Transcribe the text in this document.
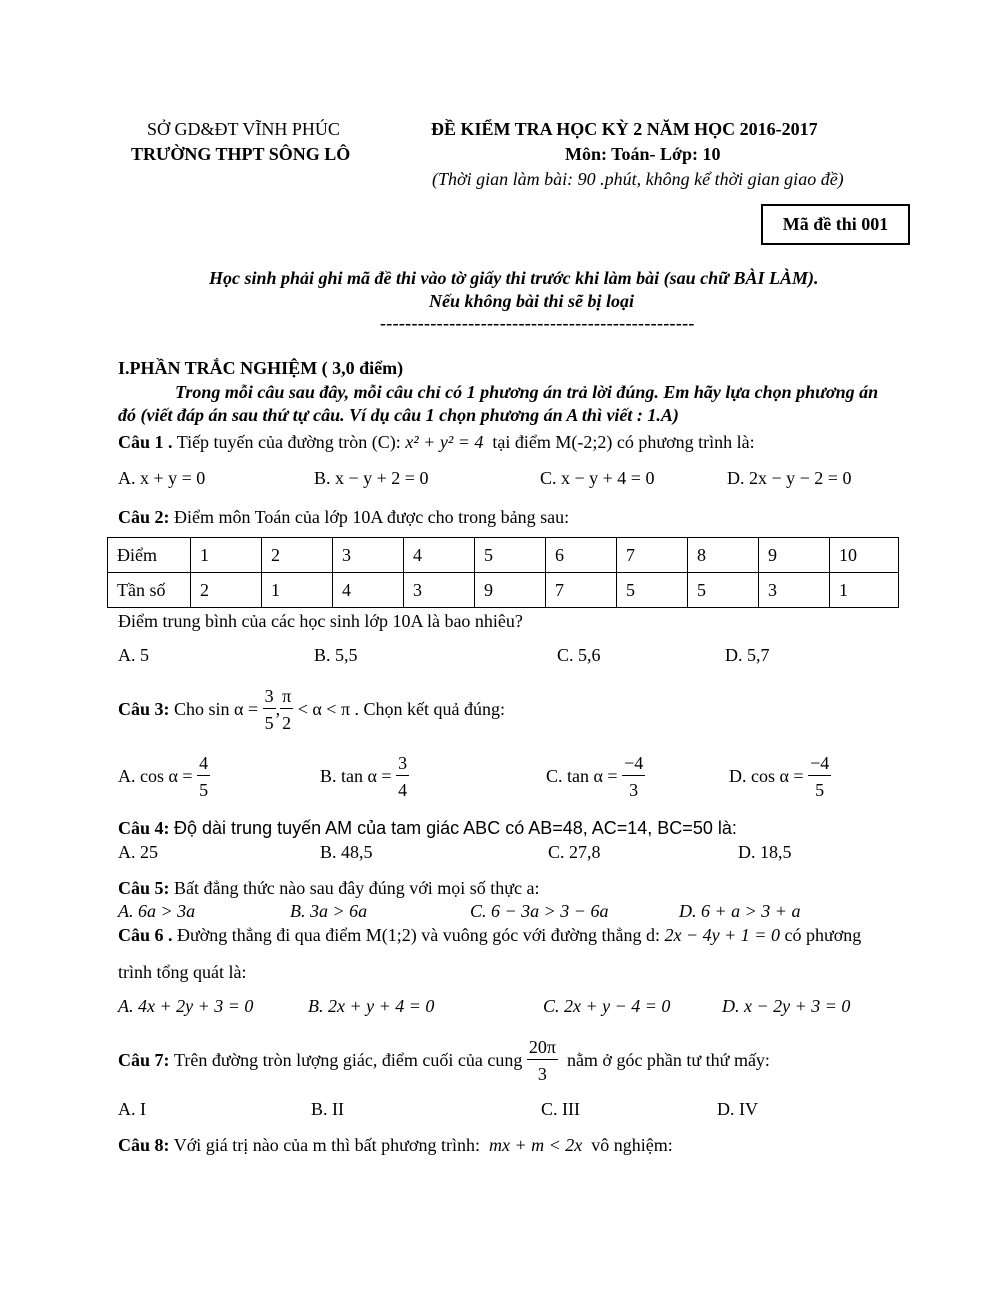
SỞ GD&ĐT VĨNH PHÚC
TRƯỜNG THPT SÔNG LÔ
ĐỀ KIỂM TRA HỌC KỲ 2 NĂM HỌC 2016-2017
Môn: Toán- Lớp: 10
(Thời gian làm bài: 90 .phút, không kể thời gian giao đề)
Mã đề thi 001
Học sinh phải ghi mã đề thi vào tờ giấy thi trước khi làm bài (sau chữ BÀI LÀM).
Nếu không bài thi sẽ bị loại
--------------------------------------------------
I.PHẦN TRẮC NGHIỆM ( 3,0 điểm)
Trong mỗi câu sau đây, mỗi câu chỉ có 1 phương án trả lời đúng. Em hãy lựa chọn phương án
đó (viết đáp án sau thứ tự câu. Ví dụ câu 1 chọn phương án A thì viết : 1.A)
Câu 1 . Tiếp tuyến của đường tròn (C): x² + y² = 4 tại điểm M(-2;2) có phương trình là:
A. x + y = 0	B. x − y + 2 = 0	C. x − y + 4 = 0	D. 2x − y − 2 = 0
Câu 2: Điểm môn Toán của lớp 10A được cho trong bảng sau:
Điểm	1	2	3	4	5	6	7	8	9	10
Tần số	2	1	4	3	9	7	5	5	3	1
Điểm trung bình của các học sinh lớp 10A là bao nhiêu?
A. 5	B. 5,5	C. 5,6	D. 5,7
Câu 3:
Cho
sin α =
$\frac{3}{5}$ , $\frac{\pi}{2}$
< α < π
. Chọn kết quả đúng:
A. cos α =
$\frac{4}{5}$	B. tan α =
$\frac{3}{4}$	C. tan α =
$\frac{-4}{3}$	D. cos α =
$\frac{-4}{5}$
Câu 4: Độ dài trung tuyến AM của tam giác ABC có AB=48, AC=14, BC=50 là:
A. 25	B. 48,5	C. 27,8	D. 18,5
Câu 5: Bất đẳng thức nào sau đây đúng với mọi số thực a:
A. 6a > 3a	B. 3a > 6a	C. 6 − 3a > 3 − 6a	D. 6 + a > 3 + a
Câu 6 . Đường thẳng đi qua điểm M(1;2) và vuông góc với đường thẳng d: 2x − 4y + 1 = 0 có phương
trình tổng quát là:
A. 4x + 2y + 3 = 0	B. 2x + y + 4 = 0	C. 2x + y − 4 = 0	D. x − 2y + 3 = 0
Câu 7:
Trên đường tròn lượng giác, điểm cuối của cung
$\frac{20\pi}{3}$
nằm ở góc phần tư thứ mấy:
A. I	B. II	C. III	D. IV
Câu 8: Với giá trị nào của m thì bất phương trình: mx + m < 2x vô nghiệm:
